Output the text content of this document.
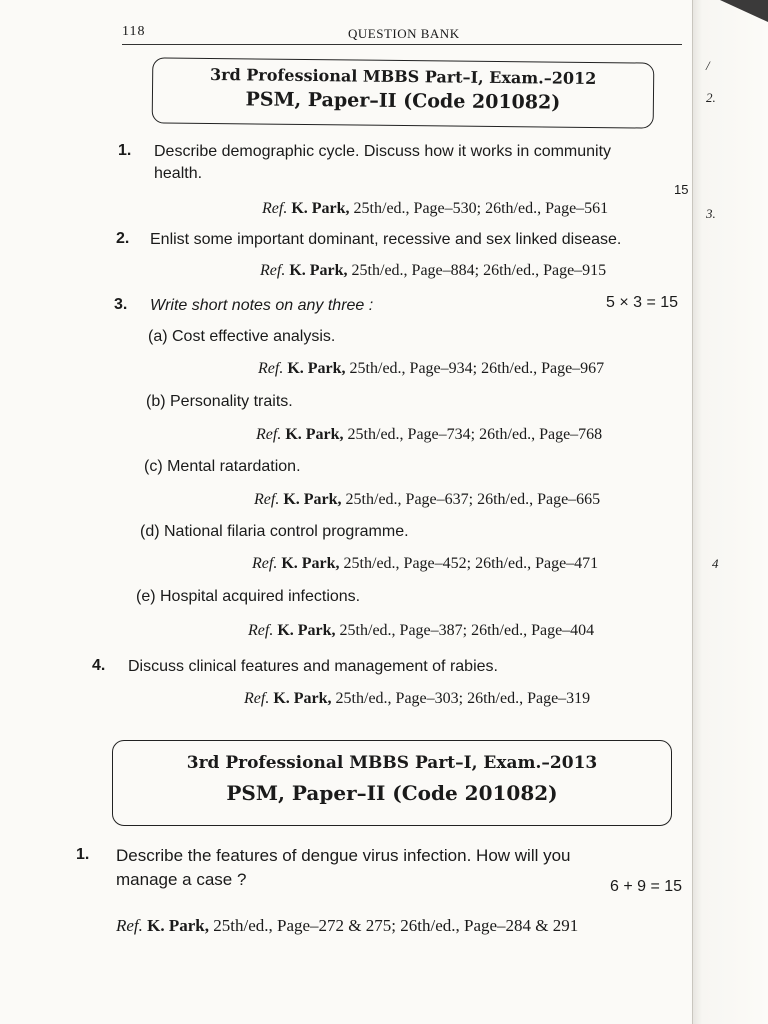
/
2.
3.
4
118	QUESTION BANK
3rd Professional MBBS Part–I, Exam.–2012
PSM, Paper–II (Code 201082)
1. Describe demographic cycle. Discuss how it works in community
health.
15
Ref. K. Park, 25th/ed., Page–530; 26th/ed., Page–561
2. Enlist some important dominant, recessive and sex linked disease.
Ref. K. Park, 25th/ed., Page–884; 26th/ed., Page–915
3. Write short notes on any three :	5 × 3 = 15
(a) Cost effective analysis.
Ref. K. Park, 25th/ed., Page–934; 26th/ed., Page–967
(b) Personality traits.
Ref. K. Park, 25th/ed., Page–734; 26th/ed., Page–768
(c) Mental ratardation.
Ref. K. Park, 25th/ed., Page–637; 26th/ed., Page–665
(d) National filaria control programme.
Ref. K. Park, 25th/ed., Page–452; 26th/ed., Page–471
(e) Hospital acquired infections.
Ref. K. Park, 25th/ed., Page–387; 26th/ed., Page–404
4. Discuss clinical features and management of rabies.
Ref. K. Park, 25th/ed., Page–303; 26th/ed., Page–319
3rd Professional MBBS Part–I, Exam.–2013
PSM, Paper–II (Code 201082)
1. Describe the features of dengue virus infection. How will you
manage a case ?	6 + 9 = 15
Ref. K. Park, 25th/ed., Page–272 & 275; 26th/ed., Page–284 & 291
